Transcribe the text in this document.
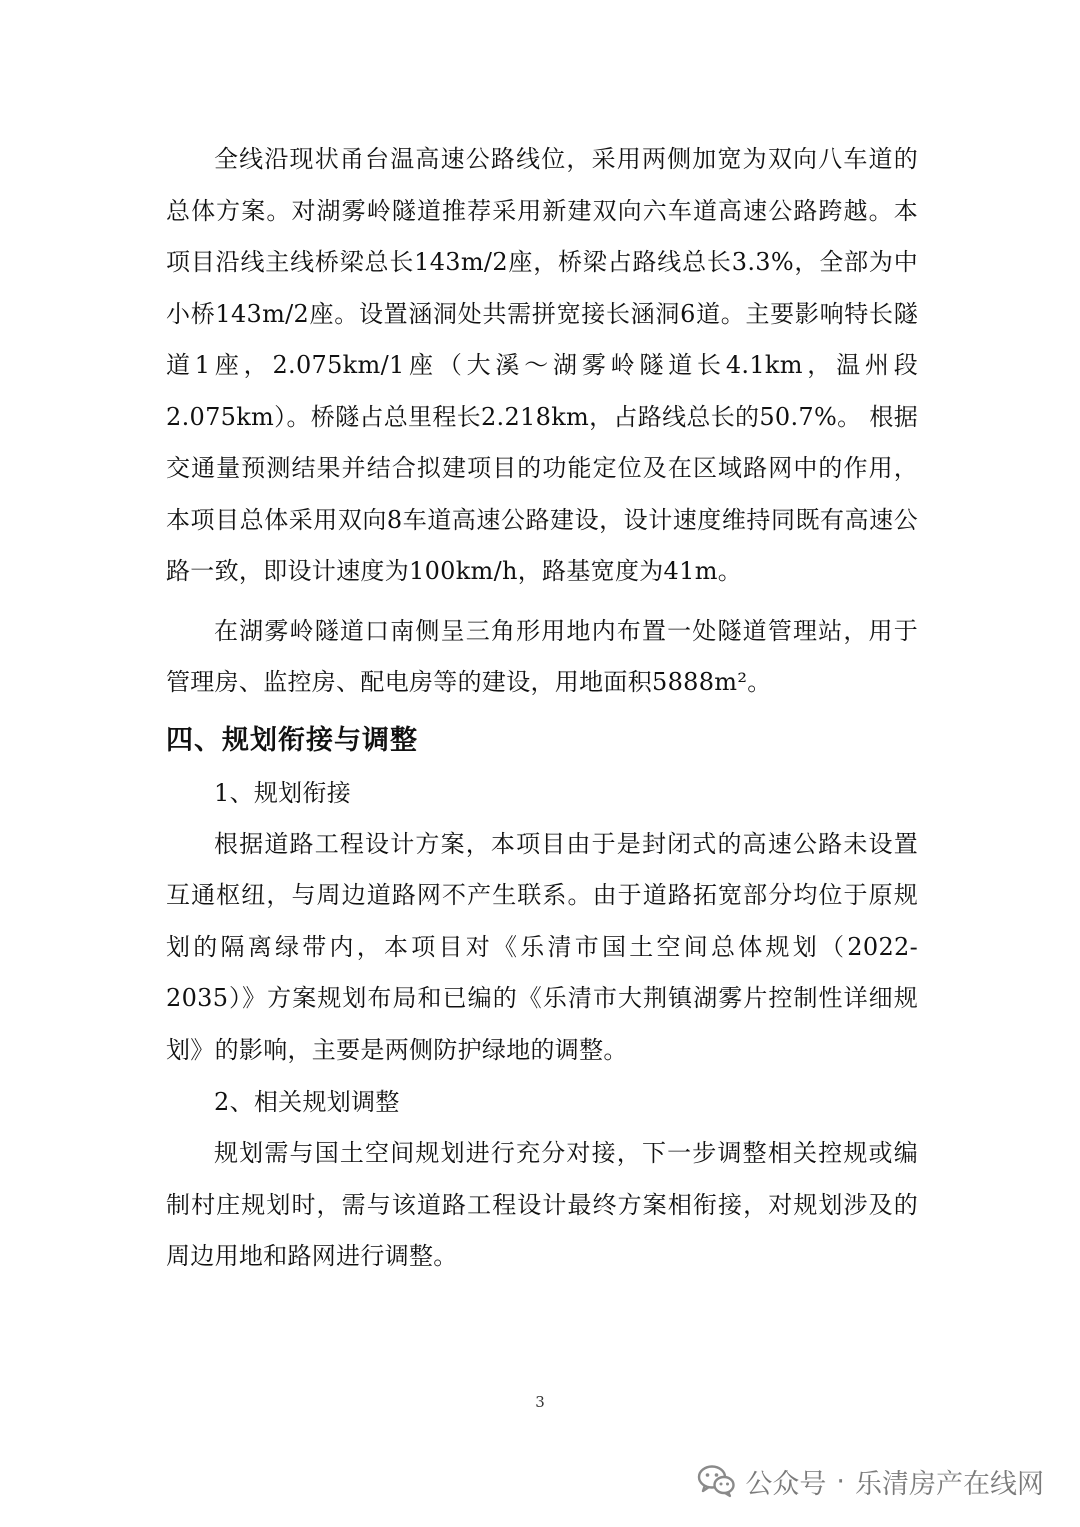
全线沿现状甬台温高速公路线位，采用两侧加宽为双向八车道的总体方案。对湖雾岭隧道推荐采用新建双向六车道高速公路跨越。本项目沿线主线桥梁总长143m/2座，桥梁占路线总长3.3%，全部为中小桥143m/2座。设置涵洞处共需拼宽接长涵洞6道。主要影响特长隧道1座，2.075km/1座（大溪～湖雾岭隧道长4.1km，温州段2.075km）。桥隧占总里程长2.218km，占路线总长的50.7%。 根据交通量预测结果并结合拟建项目的功能定位及在区域路网中的作用，本项目总体采用双向8车道高速公路建设，设计速度维持同既有高速公路一致，即设计速度为100km/h，路基宽度为41m。

在湖雾岭隧道口南侧呈三角形用地内布置一处隧道管理站，用于管理房、监控房、配电房等的建设，用地面积5888m²。

四、规划衔接与调整

1、规划衔接

根据道路工程设计方案，本项目由于是封闭式的高速公路未设置互通枢纽，与周边道路网不产生联系。由于道路拓宽部分均位于原规划的隔离绿带内，本项目对《乐清市国土空间总体规划（2022-2035）》方案规划布局和已编的《乐清市大荆镇湖雾片控制性详细规划》的影响，主要是两侧防护绿地的调整。

2、相关规划调整

规划需与国土空间规划进行充分对接，下一步调整相关控规或编制村庄规划时，需与该道路工程设计最终方案相衔接，对规划涉及的周边用地和路网进行调整。

3
公众号 · 乐清房产在线网
